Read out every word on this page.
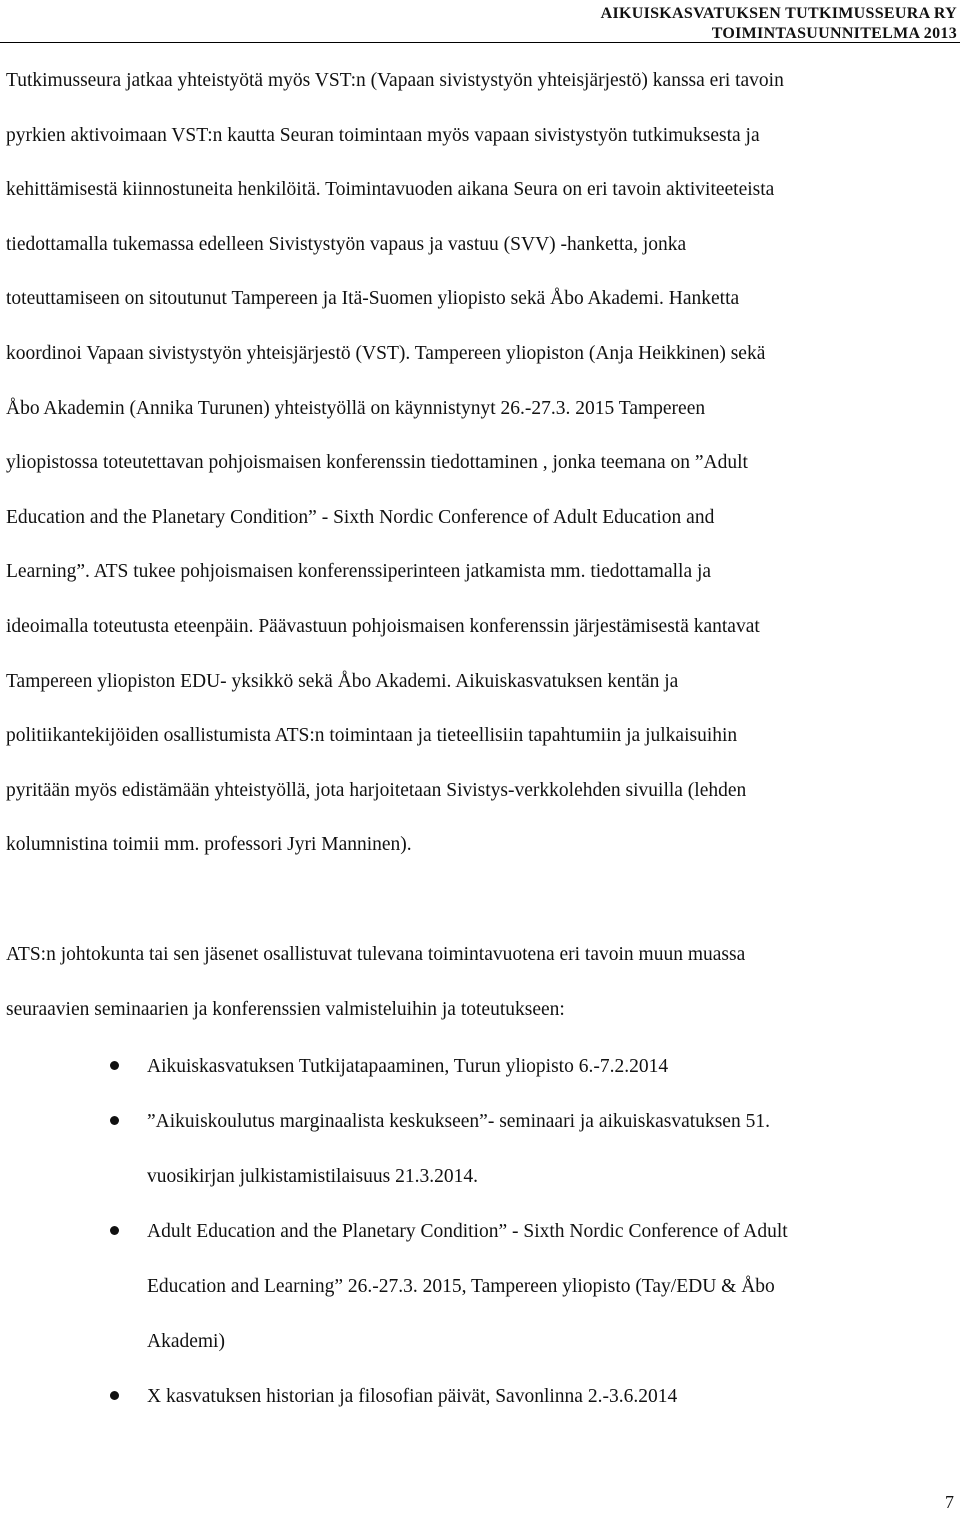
AIKUISKASVATUKSEN TUTKIMUSSEURA RY
TOIMINTASUUNNITELMA 2013

Tutkimusseura jatkaa yhteistyötä myös VST:n (Vapaan sivistystyön yhteisjärjestö) kanssa eri tavoin
pyrkien aktivoimaan VST:n kautta Seuran toimintaan myös vapaan sivistystyön tutkimuksesta ja
kehittämisestä kiinnostuneita henkilöitä. Toimintavuoden aikana Seura on eri tavoin aktiviteeteista
tiedottamalla tukemassa edelleen Sivistystyön vapaus ja vastuu (SVV) -hanketta, jonka
toteuttamiseen on sitoutunut Tampereen ja Itä-Suomen yliopisto sekä Åbo Akademi. Hanketta
koordinoi Vapaan sivistystyön yhteisjärjestö (VST). Tampereen yliopiston (Anja Heikkinen) sekä
Åbo Akademin (Annika Turunen) yhteistyöllä on käynnistynyt 26.-27.3. 2015 Tampereen
yliopistossa toteutettavan pohjoismaisen konferenssin tiedottaminen , jonka teemana on ”Adult
Education and the Planetary Condition” - Sixth Nordic Conference of Adult Education and
Learning”. ATS tukee pohjoismaisen konferenssiperinteen jatkamista mm. tiedottamalla ja
ideoimalla toteutusta eteenpäin. Päävastuun pohjoismaisen konferenssin järjestämisestä kantavat
Tampereen yliopiston EDU- yksikkö sekä Åbo Akademi. Aikuiskasvatuksen kentän ja
politiikantekijöiden osallistumista ATS:n toimintaan ja tieteellisiin tapahtumiin ja julkaisuihin
pyritään myös edistämään yhteistyöllä, jota harjoitetaan Sivistys-verkkolehden sivuilla (lehden
kolumnistina toimii mm. professori Jyri Manninen).

ATS:n johtokunta tai sen jäsenet osallistuvat tulevana toimintavuotena eri tavoin muun muassa
seuraavien seminaarien ja konferenssien valmisteluihin ja toteutukseen:

Aikuiskasvatuksen Tutkijatapaaminen, Turun yliopisto 6.-7.2.2014
”Aikuiskoulutus marginaalista keskukseen”- seminaari ja aikuiskasvatuksen 51.
vuosikirjan julkistamistilaisuus 21.3.2014.
Adult Education and the Planetary Condition” - Sixth Nordic Conference of Adult
Education and Learning” 26.-27.3. 2015, Tampereen yliopisto (Tay/EDU & Åbo
Akademi)
X kasvatuksen historian ja filosofian päivät, Savonlinna 2.-3.6.2014
7
